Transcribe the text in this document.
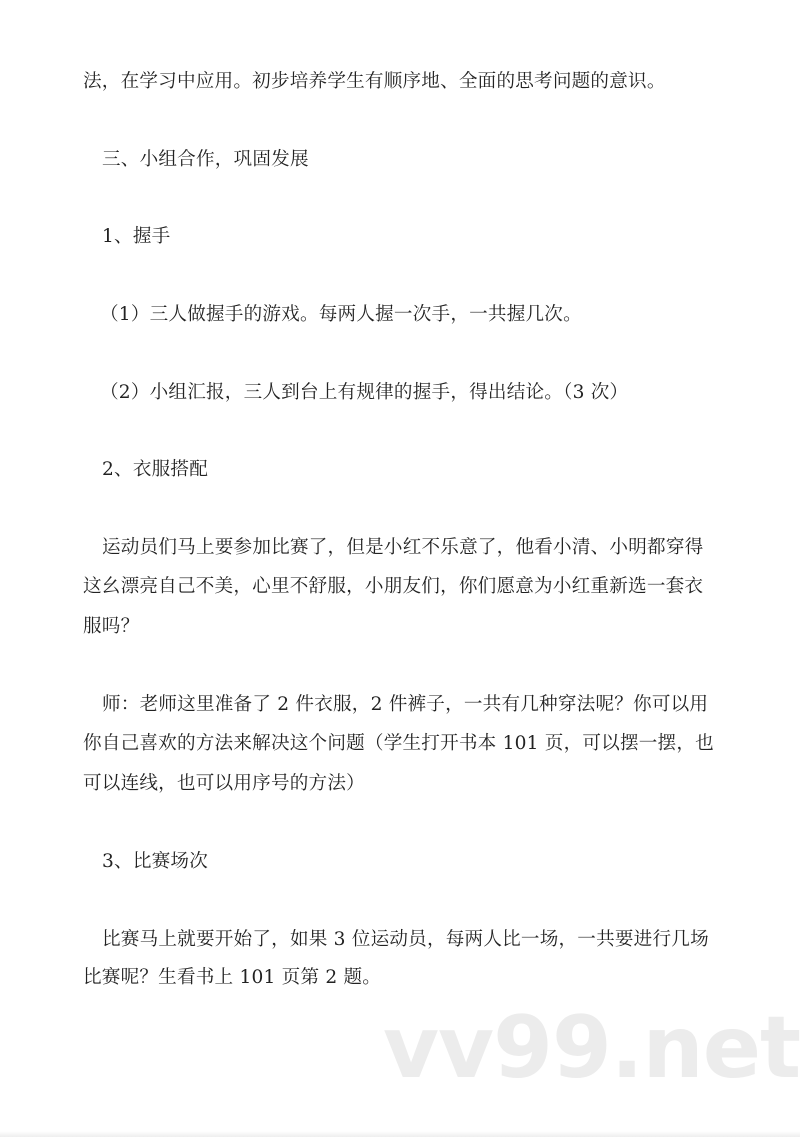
法，在学习中应用。初步培养学生有顺序地、全面的思考问题的意识。
三、小组合作，巩固发展
1、握手
（1）三人做握手的游戏。每两人握一次手，一共握几次。
（2）小组汇报，三人到台上有规律的握手，得出结论。（3 次）
2、衣服搭配
运动员们马上要参加比赛了，但是小红不乐意了，他看小清、小明都穿得
这幺漂亮自己不美，心里不舒服，小朋友们，你们愿意为小红重新选一套衣
服吗？
师：老师这里准备了 2 件衣服，2 件裤子，一共有几种穿法呢？你可以用
你自己喜欢的方法来解决这个问题（学生打开书本 101 页，可以摆一摆，也
可以连线，也可以用序号的方法）
3、比赛场次
比赛马上就要开始了，如果 3 位运动员，每两人比一场，一共要进行几场
比赛呢？生看书上 101 页第 2 题。
vv99.net
